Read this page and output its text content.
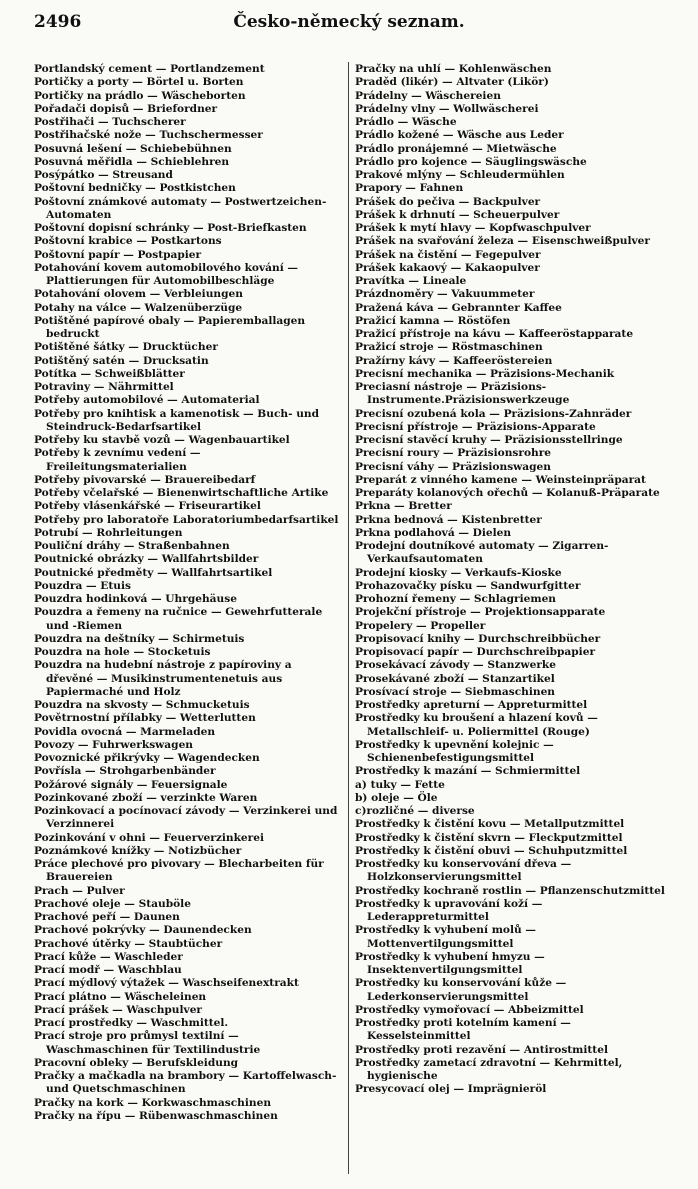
2496	Česko-německý seznam.
Portlandský cement — Portlandzement
Portičky a porty — Börtel u. Borten
Portičky na prádlo — Wäscheborten
Pořadači dopisů — Briefordner
Postřihači — Tuchscherer
Postřihačské nože — Tuchschermesser
Posuvná lešení — Schiebebühnen
Posuvná měřidla — Schieblehren
Posýpátko — Streusand
Poštovní bedničky — Postkistchen
Poštovní známkové automaty — Postwertzeichen-Automaten
Poštovní dopisní schránky — Post-Briefkasten
Poštovní krabice — Postkartons
Poštovní papír — Postpapier
Potahování kovem automobilového kování — Plattierungen für Automobilbeschläge
Potahování olovem — Verbleiungen
Potahy na válce — Walzenüberzüge
Potištěné papírové obaly — Papieremballagen bedruckt
Potištěné šátky — Drucktücher
Potištěný satén — Drucksatin
Potítka — Schweißblätter
Potraviny — Nährmittel
Potřeby automobilové — Automaterial
Potřeby pro knihtisk a kamenotisk — Buch- und Steindruck-Bedarfsartikel
Potřeby ku stavbě vozů — Wagenbauartikel
Potřeby k zevnímu vedení — Freileitungsmaterialien
Potřeby pivovarské — Brauereibedarf
Potřeby včelařské — Bienenwirtschaftliche Artike
Potřeby vlásenkářské — Friseurartikel
Potřeby pro laboratoře Laboratoriumbedarfsartikel
Potrubí — Rohrleitungen
Pouliční dráhy — Straßenbahnen
Poutnické obrázky — Wallfahrtsbilder
Poutnické předměty — Wallfahrtsartikel
Pouzdra — Etuis
Pouzdra hodinková — Uhrgehäuse
Pouzdra a řemeny na ručnice — Gewehrfutterale und -Riemen
Pouzdra na deštníky — Schirmetuis
Pouzdra na hole — Stocketuis
Pouzdra na hudební nástroje z papíroviny a dřevěné — Musikinstrumentenetuis aus Papiermaché und Holz
Pouzdra na skvosty — Schmucketuis
Povětrnostní přílabky — Wetterlutten
Povidla ovocná — Marmeladen
Povozy — Fuhrwerkswagen
Povoznické přikrývky — Wagendecken
Povřísla — Strohgarbenbänder
Požárové signály — Feuersignale
Pozinkované zboží — verzinkte Waren
Pozinkovací a pocínovací závody — Verzinkerei und Verzinnerei
Pozinkování v ohni — Feuerverzinkerei
Poznámkové knížky — Notizbücher
Práce plechové pro pivovary — Blecharbeiten für Brauereien
Prach — Pulver
Prachové oleje — Stauböle
Prachové peří — Daunen
Prachové pokrývky — Daunendecken
Prachové útěrky — Staubtücher
Prací kůže — Waschleder
Prací modř — Waschblau
Prací mýdlový výtažek — Waschseifenextrakt
Prací plátno — Wäscheleinen
Prací prášek — Waschpulver
Prací prostředky — Waschmittel.
Prací stroje pro průmysl textilní — Waschmaschinen für Textilindustrie
Pracovní obleky — Berufskleidung
Pračky a mačkadla na brambory — Kartoffelwasch- und Quetschmaschinen
Pračky na kork — Korkwaschmaschinen
Pračky na řípu — Rübenwaschmaschinen
Pračky na uhlí — Kohlenwäschen
Praděd (likér) — Altvater (Likör)
Prádelny — Wäschereien
Prádelny vlny — Wollwäscherei
Prádlo — Wäsche
Prádlo kožené — Wäsche aus Leder
Prádlo pronájemné — Mietwäsche
Prádlo pro kojence — Säuglingswäsche
Prakové mlýny — Schleudermühlen
Prapory — Fahnen
Prášek do pečiva — Backpulver
Prášek k drhnutí — Scheuerpulver
Prášek k mytí hlavy — Kopfwaschpulver
Prášek na svařování železa — Eisenschweißpulver
Prášek na čistění — Fegepulver
Prášek kakaový — Kakaopulver
Pravítka — Lineale
Prázdnoměry — Vakuummeter
Pražená káva — Gebrannter Kaffee
Pražicí kamna — Röstöfen
Pražicí přístroje na kávu — Kaffeeröstapparate
Pražicí stroje — Röstmaschinen
Pražírny kávy — Kaffeeröstereien
Precisní mechanika — Präzisions-Mechanik
Preciasní nástroje — Präzisions-Instrumente.Präzisionswerkzeuge
Precisní ozubená kola — Präzisions-Zahnräder
Precisní přístroje — Präzisions-Apparate
Precisní stavěcí kruhy — Präzisionsstellringe
Precisní roury — Präzisionsrohre
Precisní váhy — Präzisionswagen
Preparát z vinného kamene — Weinsteinpräparat
Preparáty kolanových ořechů — Kolanuß-Präparate
Prkna — Bretter
Prkna bednová — Kistenbretter
Prkna podlahová — Dielen
Prodejní doutníkové automaty — Zigarren-Verkaufsautomaten
Prodejní kiosky — Verkaufs-Kioske
Prohazovačky písku — Sandwurfgitter
Prohozní řemeny — Schlagriemen
Projekční přístroje — Projektionsapparate
Propelery — Propeller
Propisovací knihy — Durchschreibbücher
Propisovací papír — Durchschreibpapier
Prosekávací závody — Stanzwerke
Prosekávané zboží — Stanzartikel
Prosívací stroje — Siebmaschinen
Prostředky apreturní — Appreturmittel
Prostředky ku broušení a hlazení kovů — Metallschleif- u. Poliermittel (Rouge)
Prostředky k upevnění kolejnic — Schienenbefestigungsmittel
Prostředky k mazání — Schmiermittel
a) tuky — Fette
b) oleje — Öle
c)rozličné — diverse
Prostředky k čistění kovu — Metallputzmittel
Prostředky k čistění skvrn — Fleckputzmittel
Prostředky k čistění obuvi — Schuhputzmittel
Prostředky ku konservování dřeva — Holzkonservierungsmittel
Prostředky kochraně rostlin — Pflanzenschutzmittel
Prostředky k upravování koží — Lederappreturmittel
Prostředky k vyhubení molů — Mottenvertilgungsmittel
Prostředky k vyhubení hmyzu — Insektenvertilgungsmittel
Prostředky ku konservování kůže — Lederkonservierungsmittel
Prostředky vymořovací — Abbeizmittel
Prostředky proti kotelním kamení — Kesselsteinmittel
Prostředky proti rezavění — Antirostmittel
Prostředky zametací zdravotní — Kehrmittel, hygienische
Presycovací olej — Imprägnieröl
